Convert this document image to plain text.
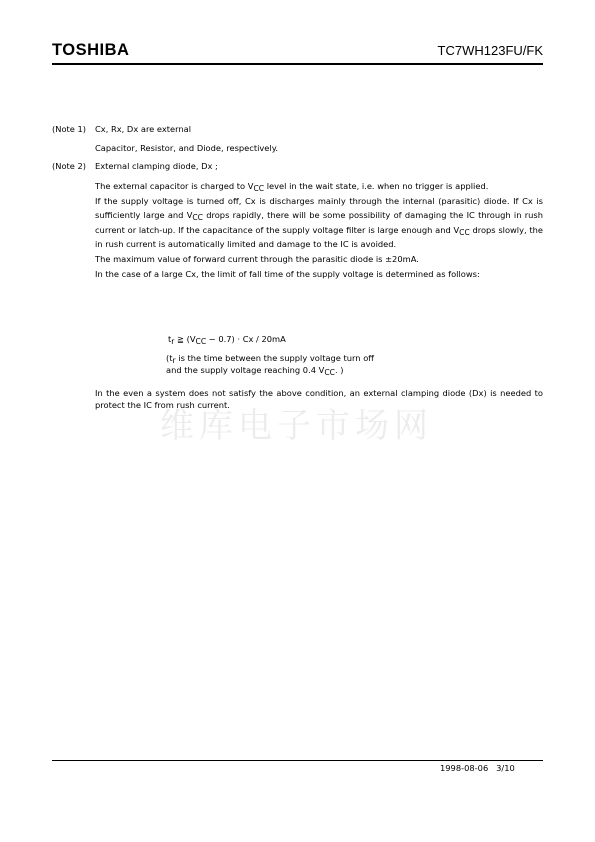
TOSHIBA	TC7WH123FU/FK
(Note 1) Cx, Rx, Dx are external
Capacitor, Resistor, and Diode, respectively.
(Note 2) External clamping diode, Dx ;

The external capacitor is charged to $V_{CC}$ level in the wait state, i.e. when no trigger is applied.

If the supply voltage is turned off, Cx is discharges mainly through the internal (parasitic) diode. If Cx is sufficiently large and $V_{CC}$ drops rapidly, there will be some possibility of damaging the IC through in rush current or latch-up. If the capacitance of the supply voltage filter is large enough and $V_{CC}$ drops slowly, the in rush current is automatically limited and damage to the IC is avoided.

The maximum value of forward current through the parasitic diode is ±20mA.

In the case of a large Cx, the limit of fall time of the supply voltage is determined as follows:

$t_r$ ≧ $(V_{CC} - 0.7) \cdot Cx / 20mA$
($t_r$ is the time between the supply voltage turn off
and the supply voltage reaching 0.4 $V_{CC}$. )
In the even a system does not satisfy the above condition, an external clamping diode (Dx) is needed to protect the IC from rush current.
维库电子市场网
1998-08-06 3/10
